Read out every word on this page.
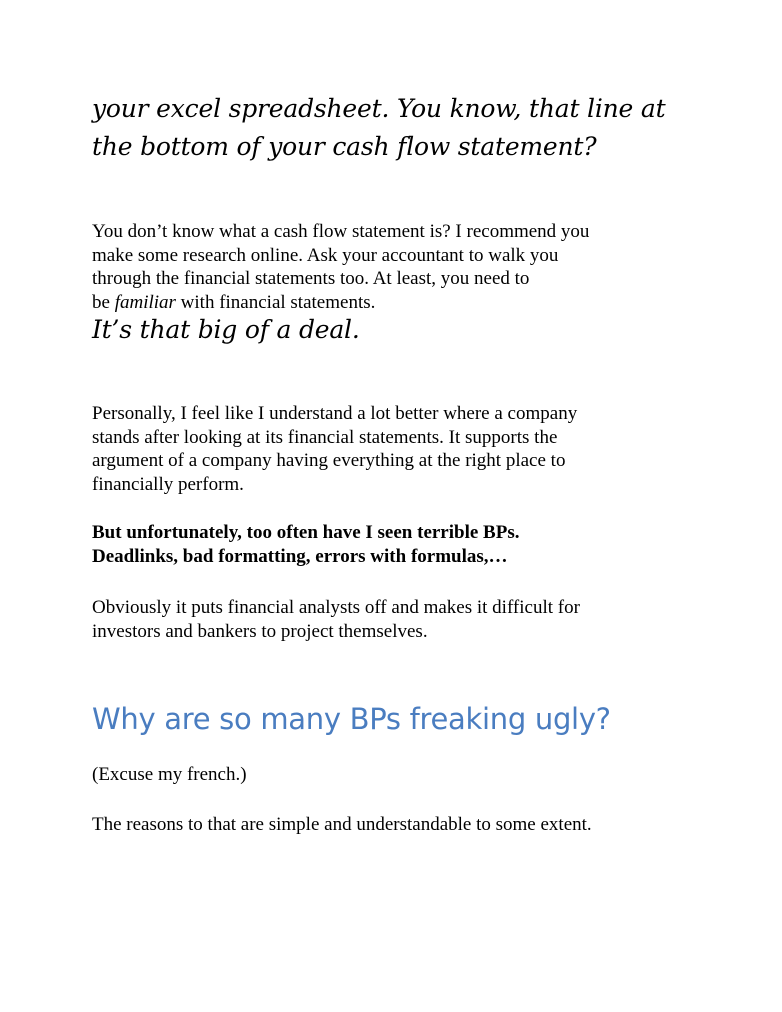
your excel spreadsheet. You know, that line at
the bottom of your cash flow statement?
You don’t know what a cash flow statement is? I recommend you
make some research online. Ask your accountant to walk you
through the financial statements too. At least, you need to
be familiar with financial statements.
It’s that big of a deal.
Personally, I feel like I understand a lot better where a company
stands after looking at its financial statements. It supports the
argument of a company having everything at the right place to
financially perform.
But unfortunately, too often have I seen terrible BPs.
Deadlinks, bad formatting, errors with formulas,…
Obviously it puts financial analysts off and makes it difficult for
investors and bankers to project themselves.
Why are so many BPs freaking ugly?
(Excuse my french.)
The reasons to that are simple and understandable to some extent.
